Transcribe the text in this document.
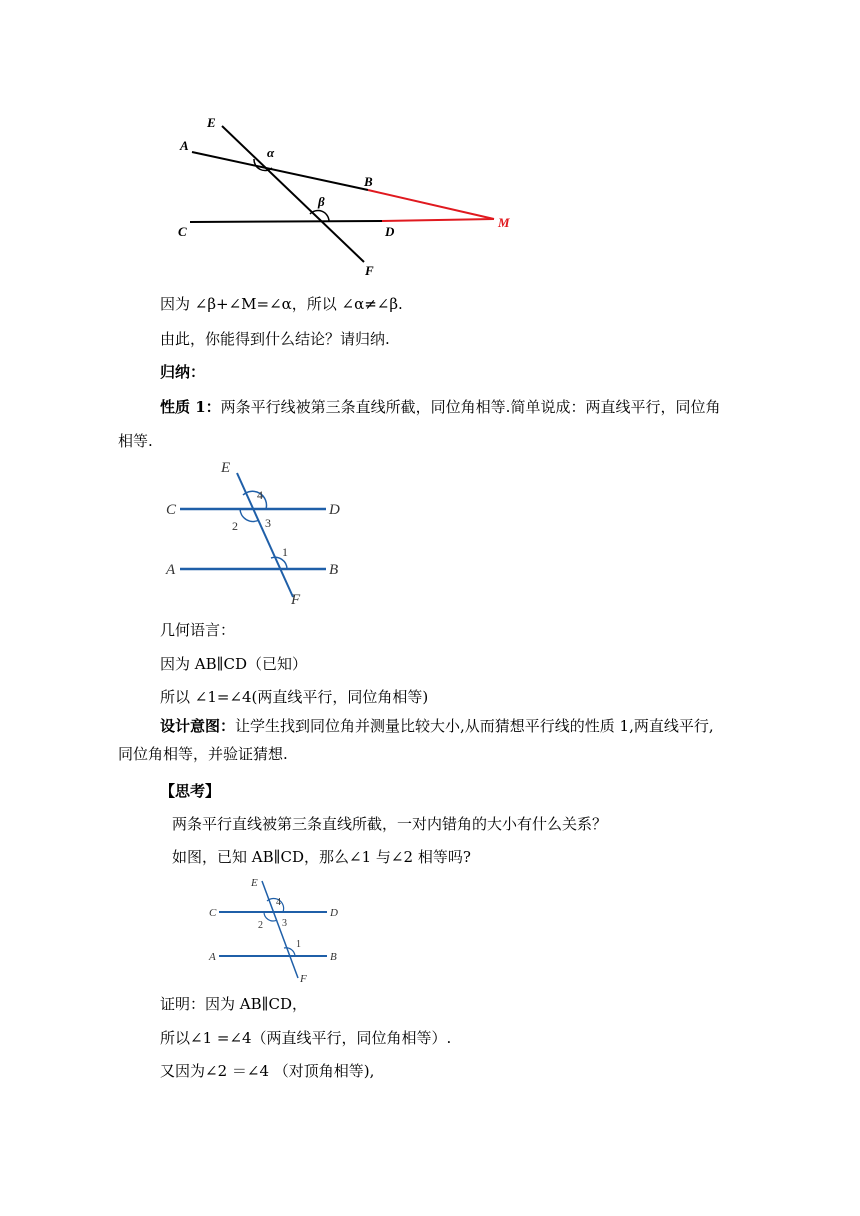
E
A	α
B
β
C	D
M
F
因为 ∠β+∠M=∠α，所以 ∠α≠∠β.
由此，你能得到什么结论？请归纳.
归纳：
性质 1：两条平行线被第三条直线所截，同位角相等.简单说成：两直线平行，同位角
相等.
E
4
C	D
2 3
1
A	B
F
几何语言：
因为 AB∥CD（已知）
所以 ∠1=∠4(两直线平行，同位角相等)
设计意图：让学生找到同位角并测量比较大小,从而猜想平行线的性质 1,两直线平行,
同位角相等，并验证猜想.
【思考】
两条平行直线被第三条直线所截，一对内错角的大小有什么关系？
如图，已知 AB∥CD，那么∠1 与∠2 相等吗?
E
4
C	D
2 3
1
A	B
F
证明：因为 AB∥CD，
所以∠1 =∠4（两直线平行，同位角相等）.
又因为∠2 ＝∠4 （对顶角相等),
